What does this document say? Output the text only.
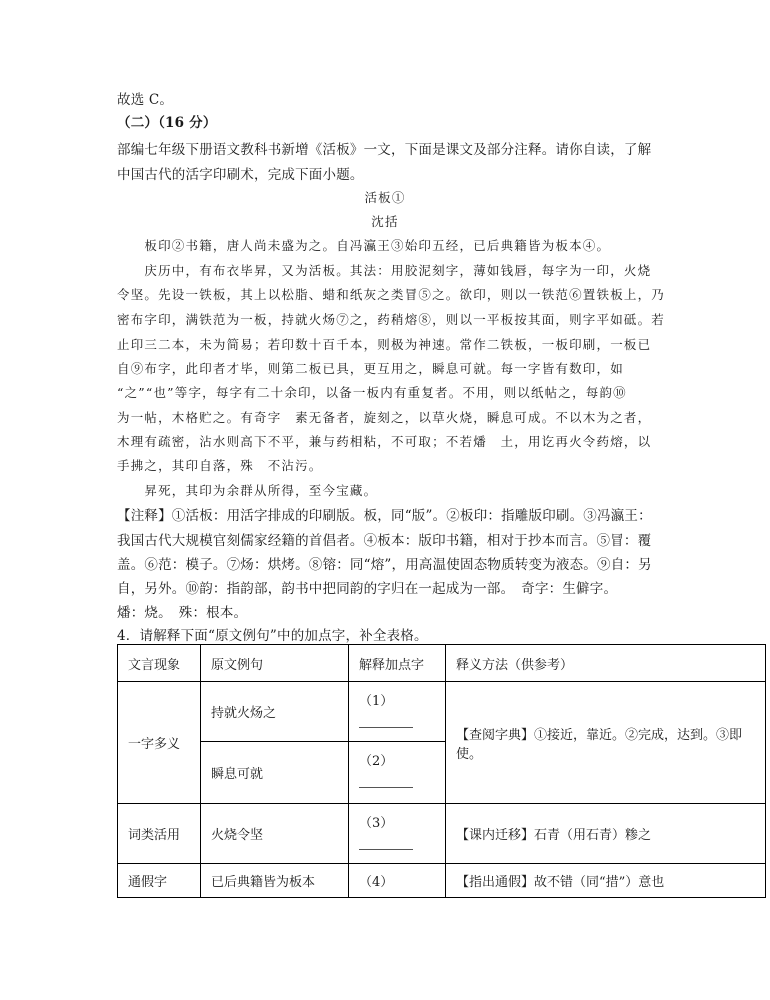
故选 C。
（二）（16 分）
部编七年级下册语文教科书新增《活板》一文，下面是课文及部分注释。请你自读，了解
中国古代的活字印刷术，完成下面小题。
活板①
沈括
　　板印②书籍，唐人尚未盛为之。自冯瀛王③始印五经，已后典籍皆为板本④。
　　庆历中，有布衣毕昇，又为活板。其法：用胶泥刻字，薄如钱唇，每字为一印，火烧
令坚。先设一铁板，其上以松脂、蜡和纸灰之类冒⑤之。欲印，则以一铁范⑥置铁板上，乃
密布字印，满铁范为一板，持就火炀⑦之，药稍熔⑧，则以一平板按其面，则字平如砥。若
止印三二本，未为简易；若印数十百千本，则极为神速。常作二铁板，一板印刷，一板已
自⑨布字，此印者才毕，则第二板已具，更互用之，瞬息可就。每一字皆有数印，如
“之”“也”等字，每字有二十余印，以备一板内有重复者。不用，则以纸帖之，每韵⑩
为一帖，木格贮之。有奇字　素无备者，旋刻之，以草火烧，瞬息可成。不以木为之者，
木理有疏密，沾水则高下不平，兼与药相粘，不可取；不若燔　土，用讫再火令药熔，以
手拂之，其印自落，殊　不沾污。
　　昇死，其印为余群从所得，至今宝藏。
【注释】①活板：用活字排成的印刷版。板，同“版”。②板印：指雕版印刷。③冯瀛王：
我国古代大规模官刻儒家经籍的首倡者。④板本：版印书籍，相对于抄本而言。⑤冒：覆
盖。⑥范：模子。⑦炀：烘烤。⑧镕：同“熔”，用高温使固态物质转变为液态。⑨自：另
自，另外。⑩韵：指韵部，韵书中把同韵的字归在一起成为一部。　奇字：生僻字。
燔：烧。　殊：根本。
4．请解释下面“原文例句”中的加点字，补全表格。
文言现象	原文例句	解释加点字	释义方法（供参考）
一字多义	持就火炀之	（1）	【查阅字典】①接近，靠近。②完成，达到。③即使。
	瞬息可就	（2）	

词类活用	火烧令坚	（3）	【课内迁移】石青（用石青）糁之
通假字	已后典籍皆为板本	（4）	【指出通假】故不错（同“措”）意也
